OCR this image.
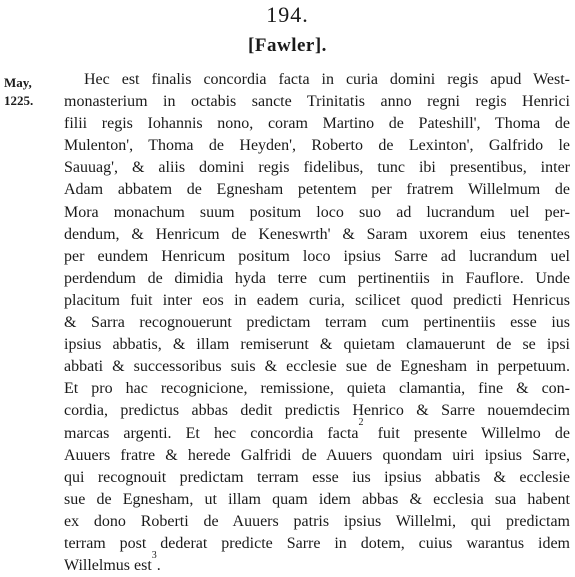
194.
[Fawler].
May,
1225.
Hec est finalis concordia facta in curia domini regis apud West-
monasterium in octabis sancte Trinitatis anno regni regis Henrici
filii regis Iohannis nono, coram Martino de Pateshill', Thoma de
Mulenton', Thoma de Heyden', Roberto de Lexinton', Galfrido le
Sauuag', & aliis domini regis fidelibus, tunc ibi presentibus, inter
Adam abbatem de Egnesham petentem per fratrem Willelmum de
Mora monachum suum positum loco suo ad lucrandum uel per-
dendum, & Henricum de Keneswrth' & Saram uxorem eius tenentes
per eundem Henricum positum loco ipsius Sarre ad lucrandum uel
perdendum de dimidia hyda terre cum pertinentiis in Fauflore. Unde
placitum fuit inter eos in eadem curia, scilicet quod predicti Henricus
& Sarra recognouerunt predictam terram cum pertinentiis esse ius
ipsius abbatis, & illam remiserunt & quietam clamauerunt de se ipsi
abbati & successoribus suis & ecclesie sue de Egnesham in perpetuum.
Et pro hac recognicione, remissione, quieta clamantia, fine & con-
cordia, predictus abbas dedit predictis Henrico & Sarre nouemdecim
marcas argenti. Et hec concordia facta$^2$ fuit presente Willelmo de
Auuers fratre & herede Galfridi de Auuers quondam uiri ipsius Sarre,
qui recognouit predictam terram esse ius ipsius abbatis & ecclesie
sue de Egnesham, ut illam quam idem abbas & ecclesia sua habent
ex dono Roberti de Auuers patris ipsius Willelmi, qui predictam
terram post dederat predicte Sarre in dotem, cuius warantus idem
Willelmus est$^3$.
